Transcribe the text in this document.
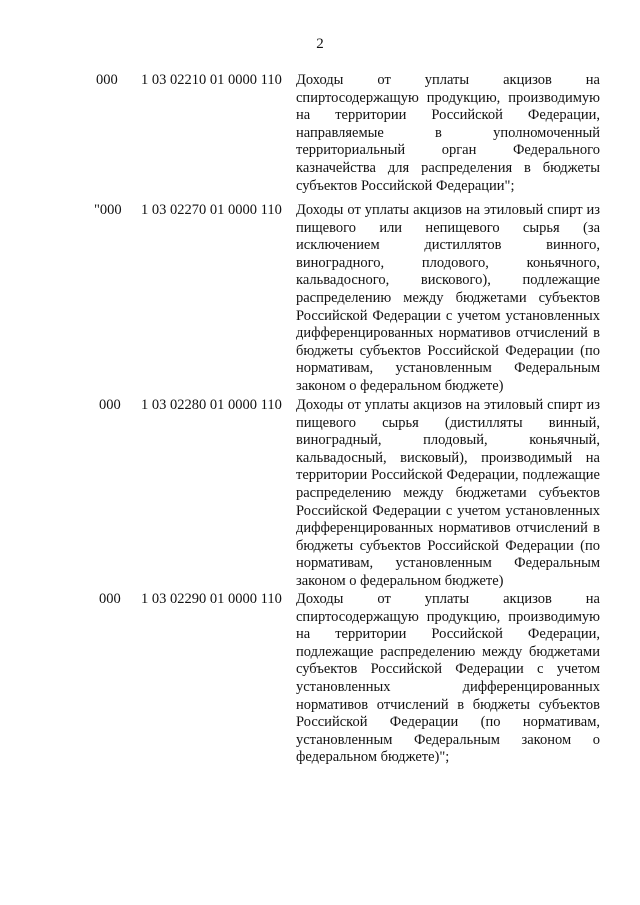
2
000	1 03 02210 01 0000 110 Доходы от уплаты акцизов на
спиртосодержащую продукцию, производимую
на территории Российской Федерации,
направляемые в уполномоченный
территориальный орган Федерального
казначейства для распределения в бюджеты
субъектов Российской Федерации";
"000 1 03 02270 01 0000 110 Доходы от уплаты акцизов на этиловый спирт из
пищевого или непищевого сырья (за
исключением дистиллятов винного,
виноградного, плодового, коньячного,
кальвадосного, вискового), подлежащие
распределению между бюджетами субъектов
Российской Федерации с учетом установленных
дифференцированных нормативов отчислений в
бюджеты субъектов Российской Федерации (по
нормативам, установленным Федеральным
законом о федеральном бюджете)
000	1 03 02280 01 0000 110 Доходы от уплаты акцизов на этиловый спирт из
пищевого сырья (дистилляты винный,
виноградный, плодовый, коньячный,
кальвадосный, висковый), производимый на
территории Российской Федерации, подлежащие
распределению между бюджетами субъектов
Российской Федерации с учетом установленных
дифференцированных нормативов отчислений в
бюджеты субъектов Российской Федерации (по
нормативам, установленным Федеральным
законом о федеральном бюджете)
000	1 03 02290 01 0000 110 Доходы от уплаты акцизов на
спиртосодержащую продукцию, производимую
на территории Российской Федерации,
подлежащие распределению между бюджетами
субъектов Российской Федерации с учетом
установленных дифференцированных
нормативов отчислений в бюджеты субъектов
Российской Федерации (по нормативам,
установленным Федеральным законом о
федеральном бюджете)";
